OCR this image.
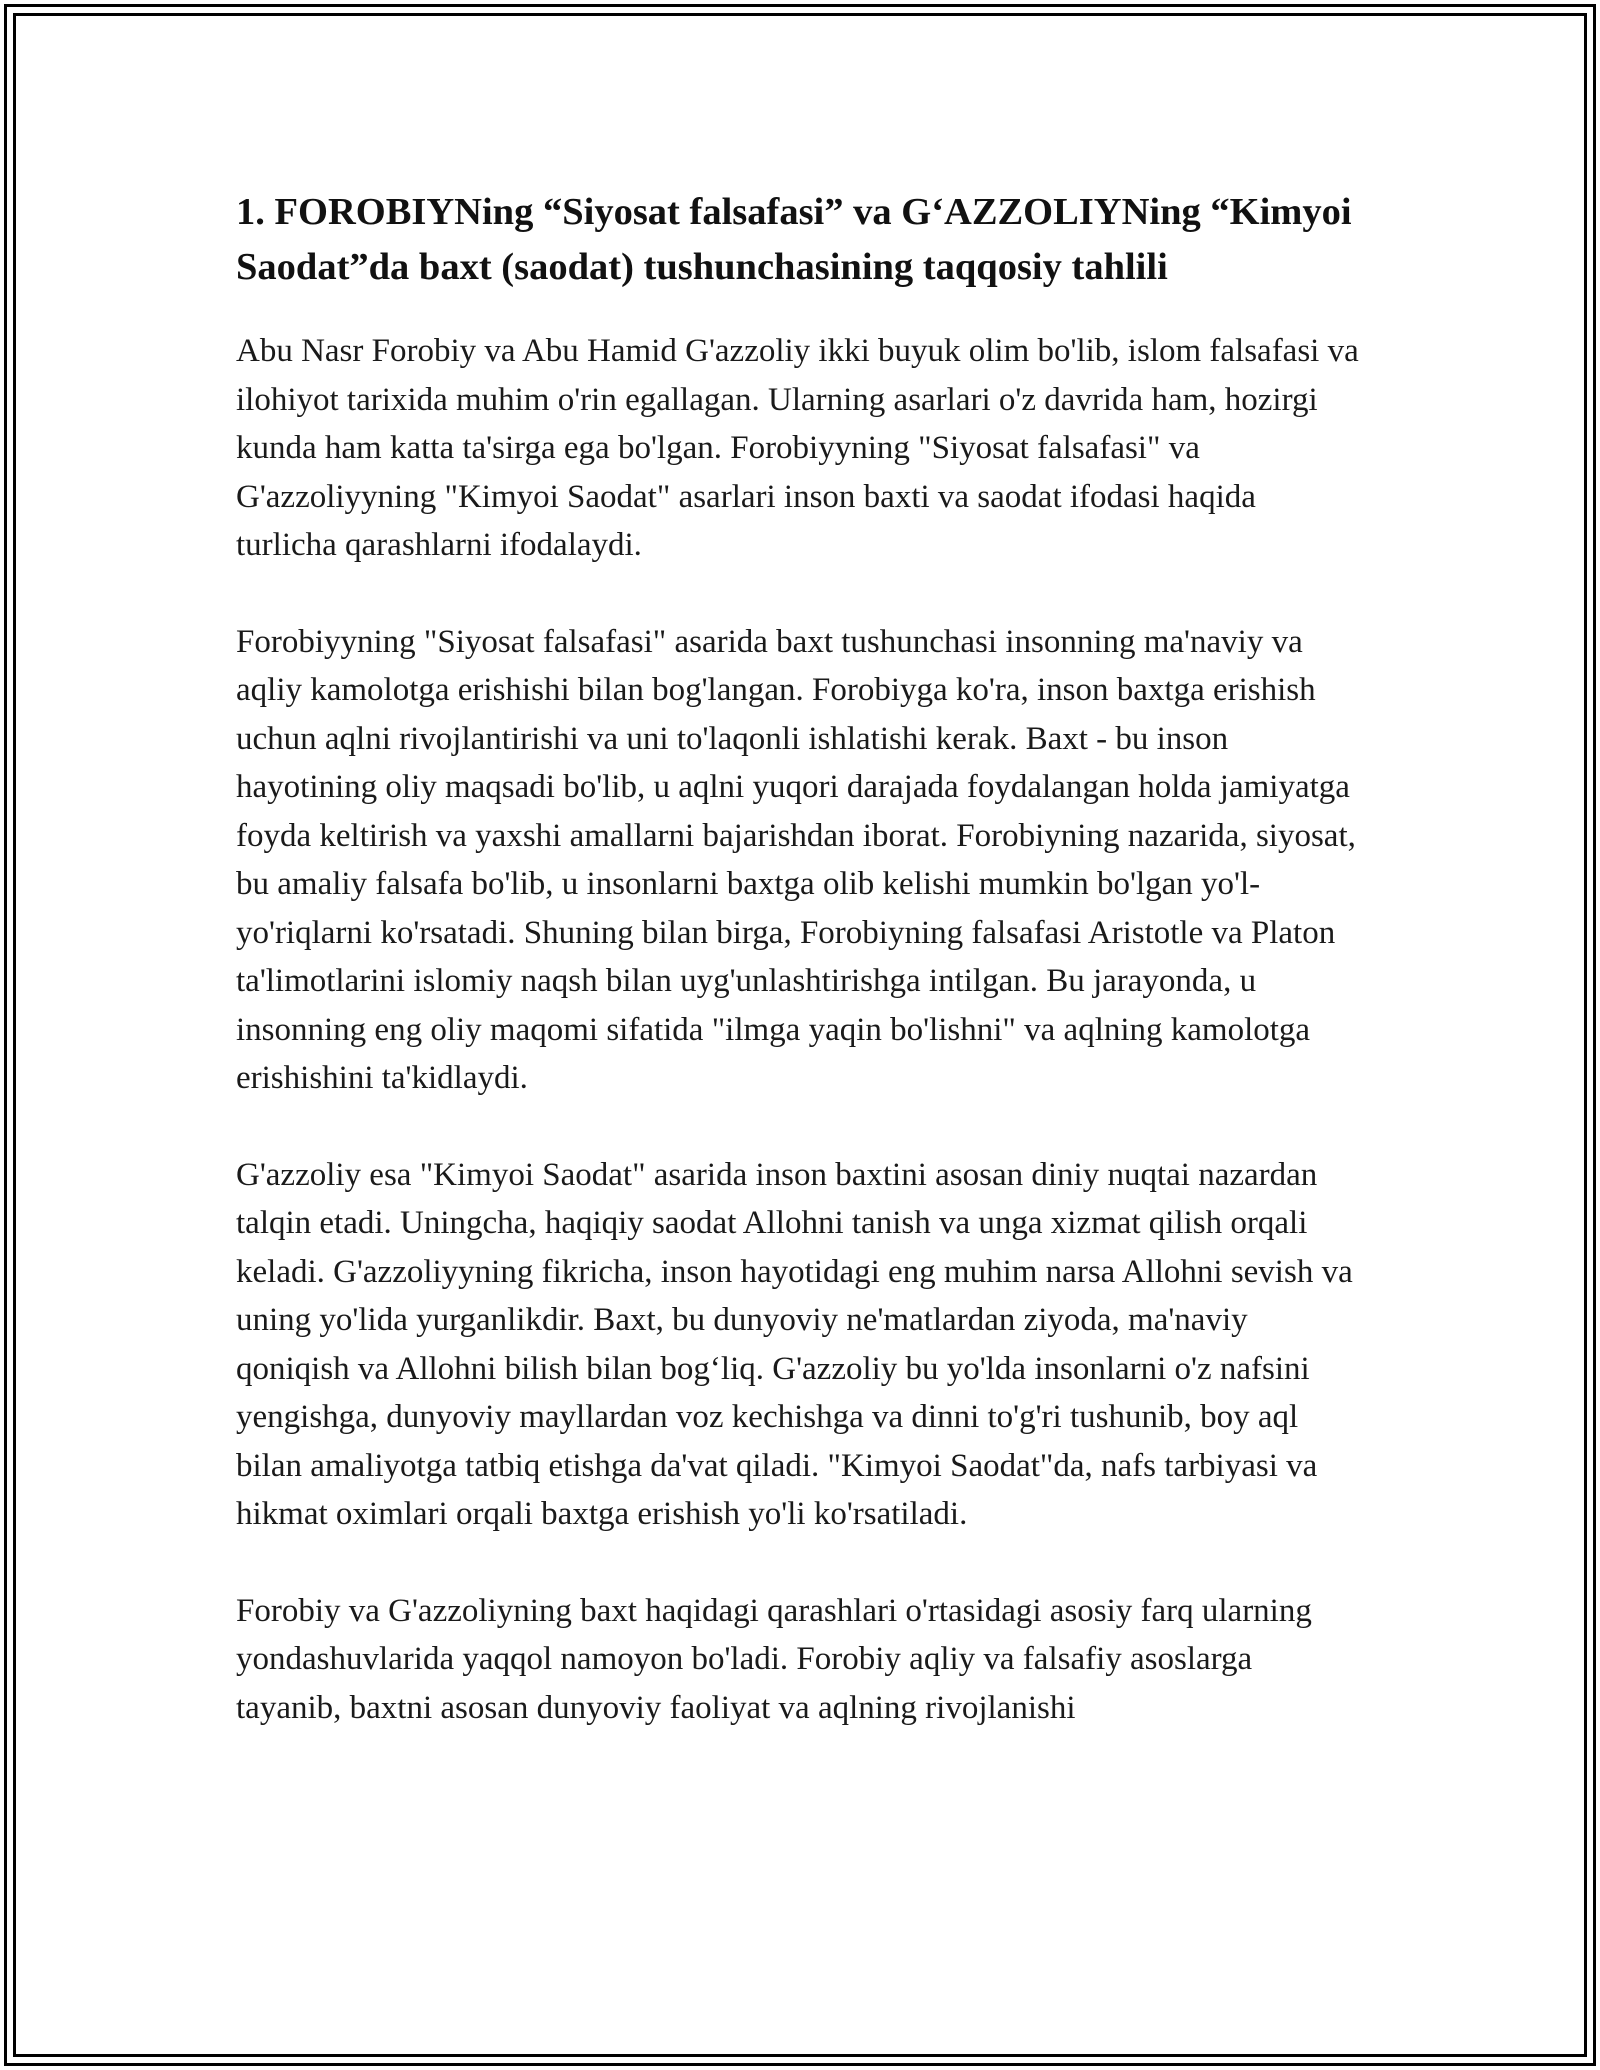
1. FOROBIYNing “Siyosat falsafasi” va G‘AZZOLIYNing “Kimyoi Saodat”da baxt (saodat) tushunchasining taqqosiy tahlili

Abu Nasr Forobiy va Abu Hamid G'azzoliy ikki buyuk olim bo'lib, islom falsafasi va ilohiyot tarixida muhim o'rin egallagan. Ularning asarlari o'z davrida ham, hozirgi kunda ham katta ta'sirga ega bo'lgan. Forobiyyning "Siyosat falsafasi" va G'azzoliyyning "Kimyoi Saodat" asarlari inson baxti va saodat ifodasi haqida turlicha qarashlarni ifodalaydi.

Forobiyyning "Siyosat falsafasi" asarida baxt tushunchasi insonning ma'naviy va aqliy kamolotga erishishi bilan bog'langan. Forobiyga ko'ra, inson baxtga erishish uchun aqlni rivojlantirishi va uni to'laqonli ishlatishi kerak. Baxt - bu inson hayotining oliy maqsadi bo'lib, u aqlni yuqori darajada foydalangan holda jamiyatga foyda keltirish va yaxshi amallarni bajarishdan iborat. Forobiyning nazarida, siyosat, bu amaliy falsafa bo'lib, u insonlarni baxtga olib kelishi mumkin bo'lgan yo'l-yo'riqlarni ko'rsatadi. Shuning bilan birga, Forobiyning falsafasi Aristotle va Platon ta'limotlarini islomiy naqsh bilan uyg'unlashtirishga intilgan. Bu jarayonda, u insonning eng oliy maqomi sifatida "ilmga yaqin bo'lishni" va aqlning kamolotga erishishini ta'kidlaydi.

G'azzoliy esa "Kimyoi Saodat" asarida inson baxtini asosan diniy nuqtai nazardan talqin etadi. Uningcha, haqiqiy saodat Allohni tanish va unga xizmat qilish orqali keladi. G'azzoliyyning fikricha, inson hayotidagi eng muhim narsa Allohni sevish va uning yo'lida yurganlikdir. Baxt, bu dunyoviy ne'matlardan ziyoda, ma'naviy qoniqish va Allohni bilish bilan bog‘liq. G'azzoliy bu yo'lda insonlarni o'z nafsini yengishga, dunyoviy mayllardan voz kechishga va dinni to'g'ri tushunib, boy aql bilan amaliyotga tatbiq etishga da'vat qiladi. "Kimyoi Saodat"da, nafs tarbiyasi va hikmat oximlari orqali baxtga erishish yo'li ko'rsatiladi.

Forobiy va G'azzoliyning baxt haqidagi qarashlari o'rtasidagi asosiy farq ularning yondashuvlarida yaqqol namoyon bo'ladi. Forobiy aqliy va falsafiy asoslarga tayanib, baxtni asosan dunyoviy faoliyat va aqlning rivojlanishi
